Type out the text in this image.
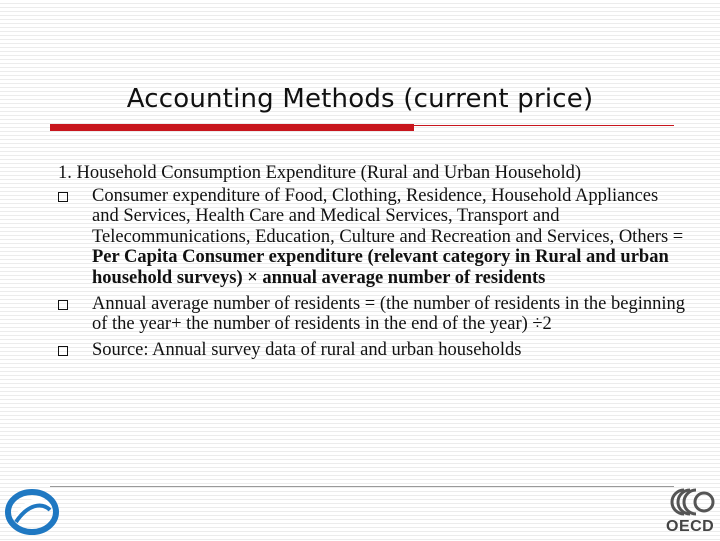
Accounting Methods (current price)
1. Household Consumption Expenditure (Rural and Urban Household)
Consumer expenditure of Food, Clothing, Residence, Household Appliances and Services, Health Care and Medical Services, Transport and Telecommunications, Education, Culture and Recreation and Services, Others = Per Capita Consumer expenditure (relevant category in Rural and urban household surveys) × annual average number of residents
Annual average number of residents = (the number of residents in the beginning of the year+ the number of residents in the end of the year) ÷2
Source: Annual survey data of rural and urban households
OECD
